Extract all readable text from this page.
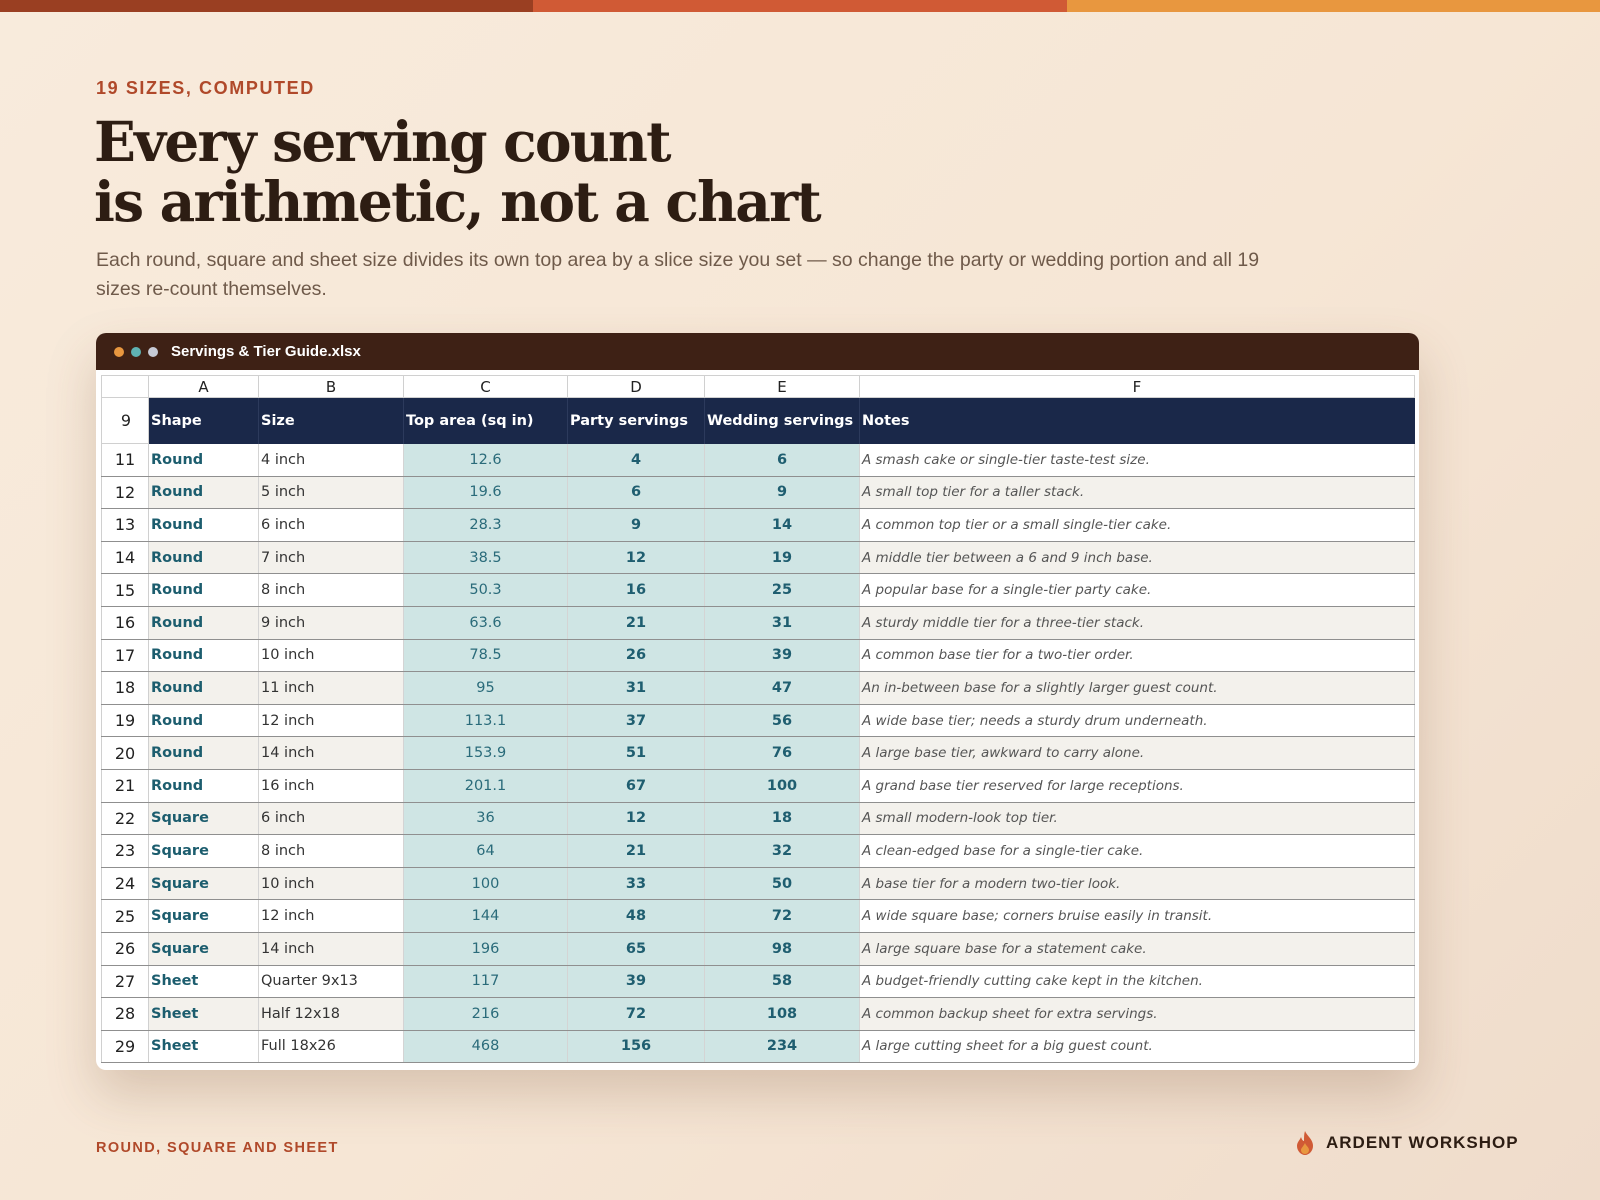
19 SIZES, COMPUTED
Every serving count
is arithmetic, not a chart

Each round, square and sheet size divides its own top area by a slice size you set — so change the party or wedding portion and all 19 sizes re-count themselves.

Servings & Tier Guide.xlsx
	A	B	C	D	E	F
9	Shape	Size	Top area (sq in)	Party servings	Wedding servings	Notes
11	Round	4 inch	12.6	4	6	A smash cake or single-tier taste-test size.
12	Round	5 inch	19.6	6	9	A small top tier for a taller stack.
13	Round	6 inch	28.3	9	14	A common top tier or a small single-tier cake.
14	Round	7 inch	38.5	12	19	A middle tier between a 6 and 9 inch base.
15	Round	8 inch	50.3	16	25	A popular base for a single-tier party cake.
16	Round	9 inch	63.6	21	31	A sturdy middle tier for a three-tier stack.
17	Round	10 inch	78.5	26	39	A common base tier for a two-tier order.
18	Round	11 inch	95	31	47	An in-between base for a slightly larger guest count.
19	Round	12 inch	113.1	37	56	A wide base tier; needs a sturdy drum underneath.
20	Round	14 inch	153.9	51	76	A large base tier, awkward to carry alone.
21	Round	16 inch	201.1	67	100	A grand base tier reserved for large receptions.
22	Square	6 inch	36	12	18	A small modern-look top tier.
23	Square	8 inch	64	21	32	A clean-edged base for a single-tier cake.
24	Square	10 inch	100	33	50	A base tier for a modern two-tier look.
25	Square	12 inch	144	48	72	A wide square base; corners bruise easily in transit.
26	Square	14 inch	196	65	98	A large square base for a statement cake.
27	Sheet	Quarter 9x13	117	39	58	A budget-friendly cutting cake kept in the kitchen.
28	Sheet	Half 12x18	216	72	108	A common backup sheet for extra servings.
29	Sheet	Full 18x26	468	156	234	A large cutting sheet for a big guest count.
ROUND, SQUARE AND SHEET	ARDENT WORKSHOP
